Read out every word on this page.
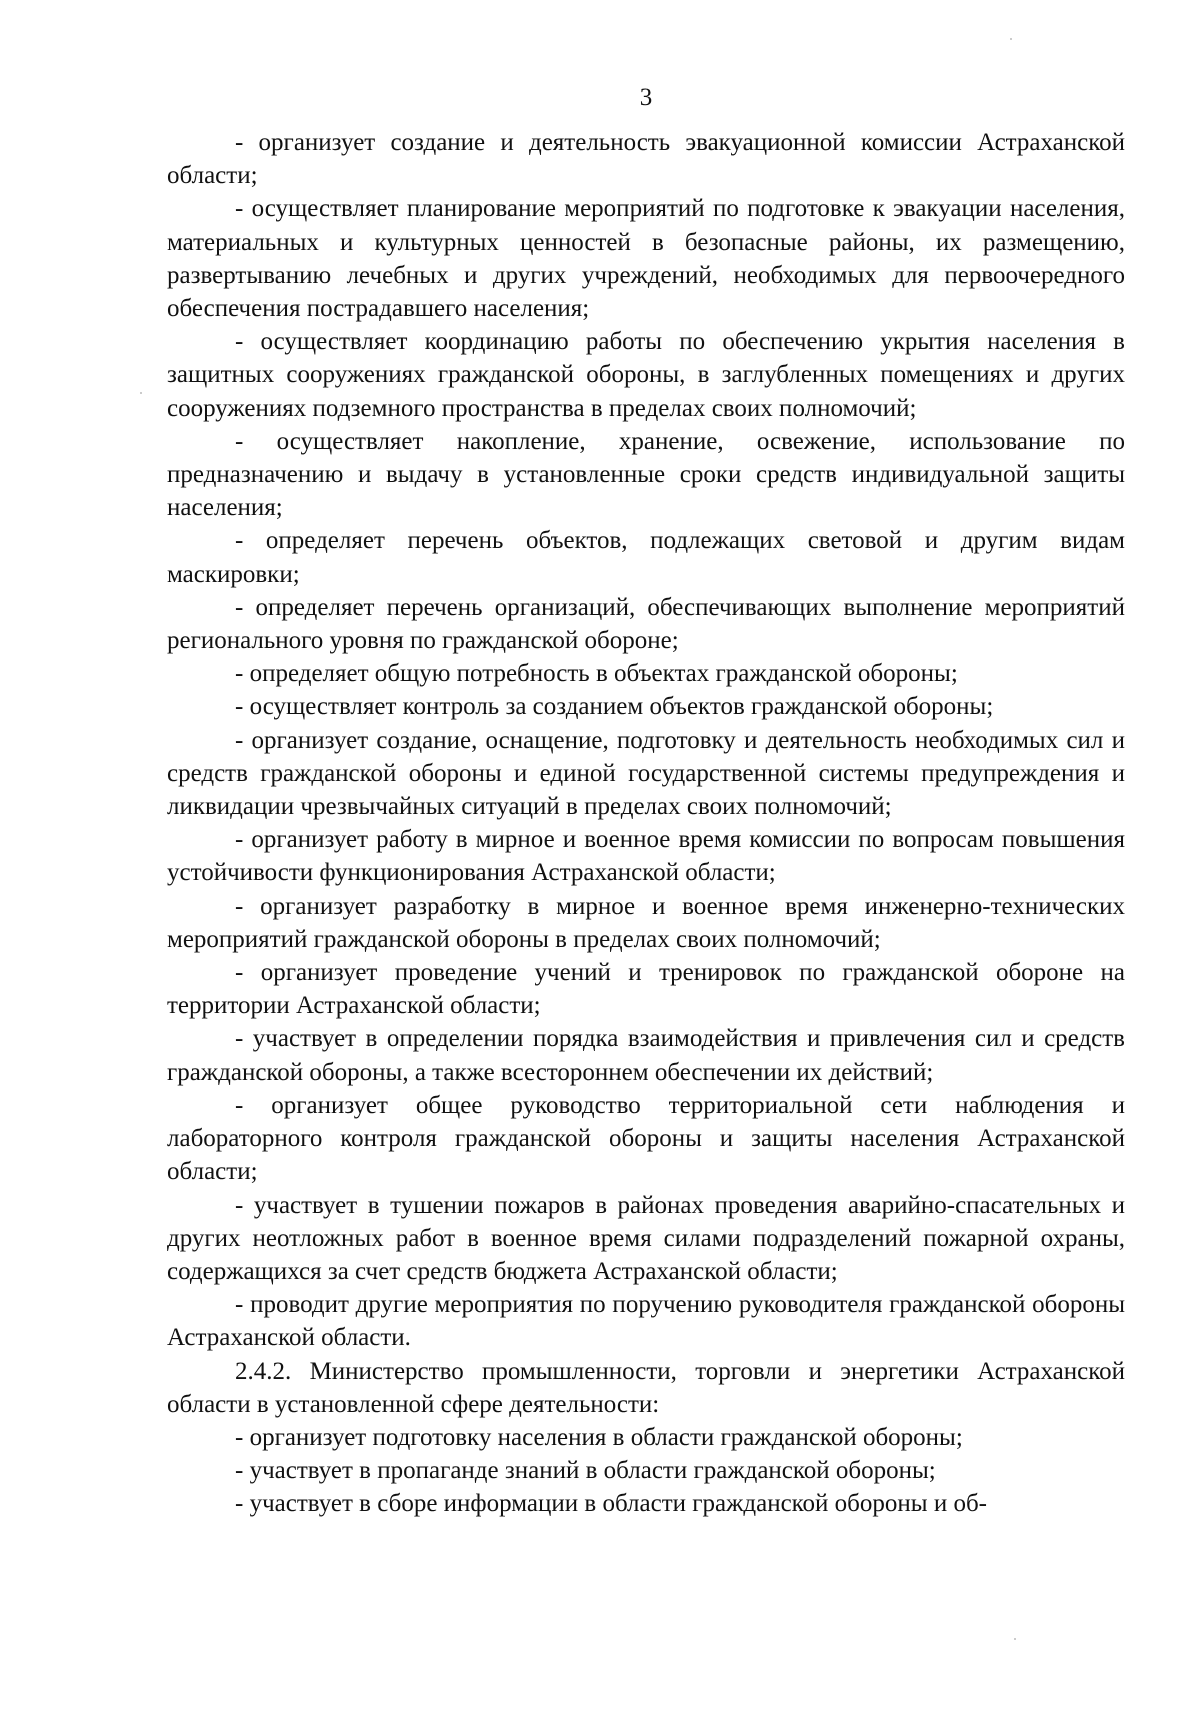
3

- организует создание и деятельность эвакуационной комиссии Астраханской области;

- осуществляет планирование мероприятий по подготовке к эвакуации населения, материальных и культурных ценностей в безопасные районы, их размещению, развертыванию лечебных и других учреждений, необходимых для первоочередного обеспечения пострадавшего населения;

- осуществляет координацию работы по обеспечению укрытия населения в защитных сооружениях гражданской обороны, в заглубленных помещениях и других сооружениях подземного пространства в пределах своих полномочий;

- осуществляет накопление, хранение, освежение, использование по предназначению и выдачу в установленные сроки средств индивидуальной защиты населения;

- определяет перечень объектов, подлежащих световой и другим видам маскировки;

- определяет перечень организаций, обеспечивающих выполнение мероприятий регионального уровня по гражданской обороне;

- определяет общую потребность в объектах гражданской обороны;

- осуществляет контроль за созданием объектов гражданской обороны;

- организует создание, оснащение, подготовку и деятельность необходимых сил и средств гражданской обороны и единой государственной системы предупреждения и ликвидации чрезвычайных ситуаций в пределах своих полномочий;

- организует работу в мирное и военное время комиссии по вопросам повышения устойчивости функционирования Астраханской области;

- организует разработку в мирное и военное время инженерно-технических мероприятий гражданской обороны в пределах своих полномочий;

- организует проведение учений и тренировок по гражданской обороне на территории Астраханской области;

- участвует в определении порядка взаимодействия и привлечения сил и средств гражданской обороны, а также всестороннем обеспечении их действий;

- организует общее руководство территориальной сети наблюдения и лабораторного контроля гражданской обороны и защиты населения Астраханской области;

- участвует в тушении пожаров в районах проведения аварийно-спасательных и других неотложных работ в военное время силами подразделений пожарной охраны, содержащихся за счет средств бюджета Астраханской области;

- проводит другие мероприятия по поручению руководителя гражданской обороны Астраханской области.

2.4.2. Министерство промышленности, торговли и энергетики Астраханской области в установленной сфере деятельности:

- организует подготовку населения в области гражданской обороны;

- участвует в пропаганде знаний в области гражданской обороны;

- участвует в сборе информации в области гражданской обороны и об-
